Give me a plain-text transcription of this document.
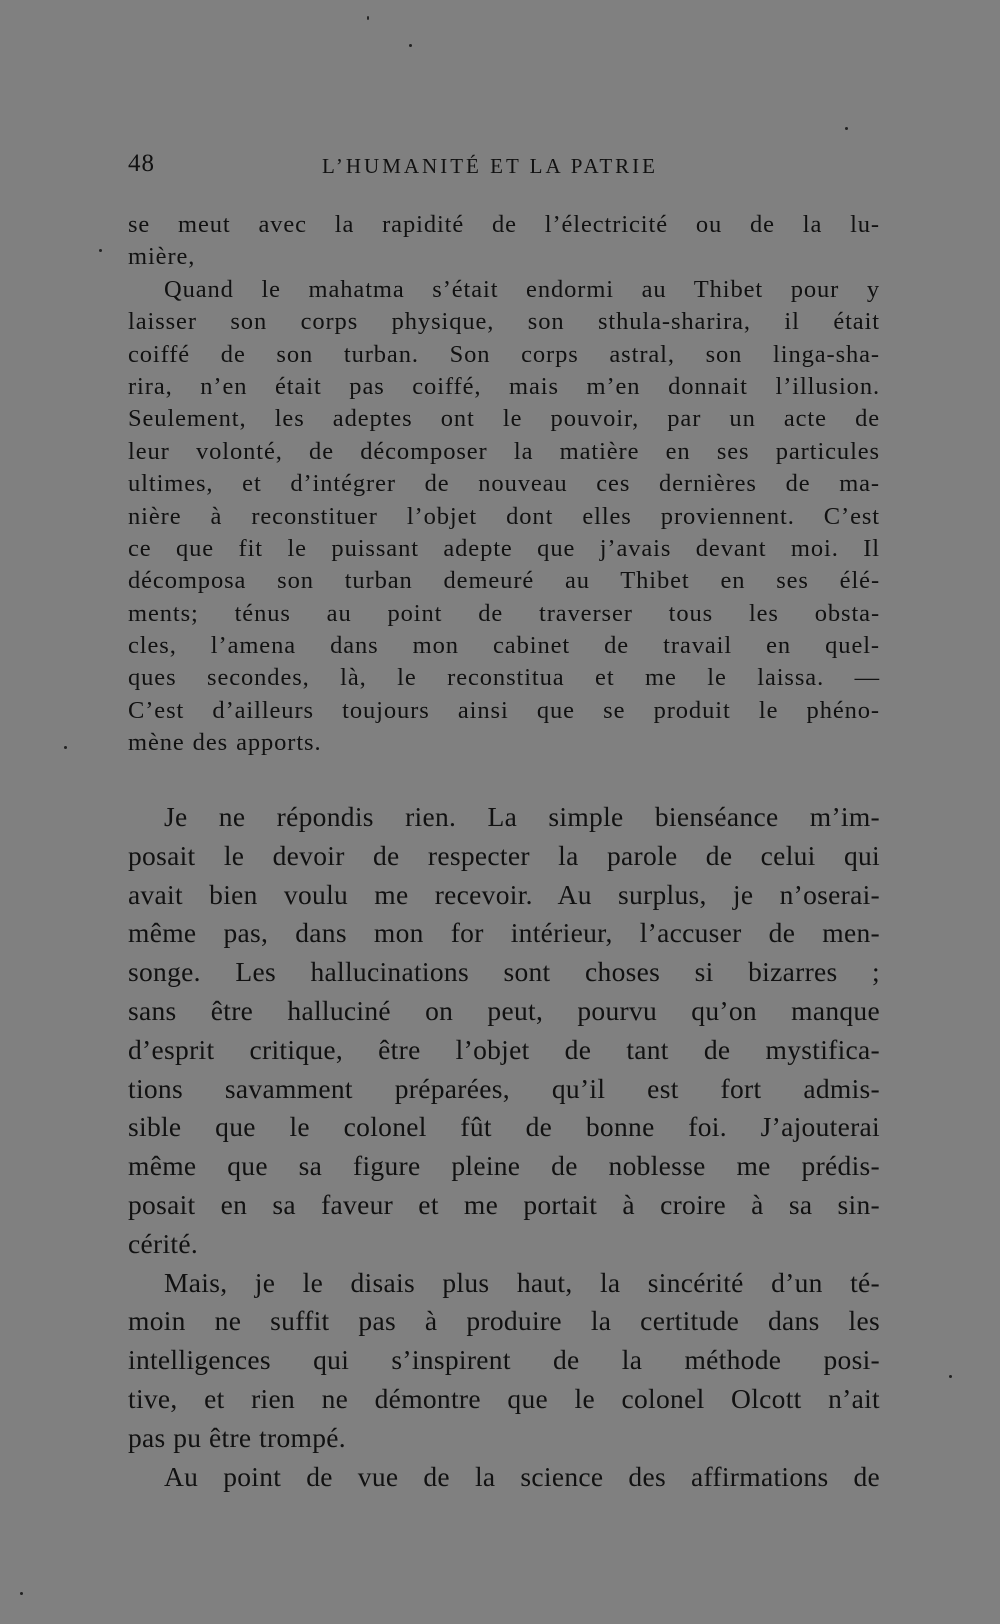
48	L’HUMANITÉ ET LA PATRIE
se meut avec la rapidité de l’électricité ou de la lu-
mière,
Quand le mahatma s’était endormi au Thibet pour y
laisser son corps physique, son sthula-sharira, il était
coiffé de son turban. Son corps astral, son linga-sha-
rira, n’en était pas coiffé, mais m’en donnait l’illusion.
Seulement, les adeptes ont le pouvoir, par un acte de
leur volonté, de décomposer la matière en ses particules
ultimes, et d’intégrer de nouveau ces dernières de ma-
nière à reconstituer l’objet dont elles proviennent. C’est
ce que fit le puissant adepte que j’avais devant moi. Il
décomposa son turban demeuré au Thibet en ses élé-
ments; ténus au point de traverser tous les obsta-
cles, l’amena dans mon cabinet de travail en quel-
ques secondes, là, le reconstitua et me le laissa. —
C’est d’ailleurs toujours ainsi que se produit le phéno-
mène des apports.
Je ne répondis rien. La simple bienséance m’im-
posait le devoir de respecter la parole de celui qui
avait bien voulu me recevoir. Au surplus, je n’oserai-
même pas, dans mon for intérieur, l’accuser de men-
songe. Les hallucinations sont choses si bizarres ;
sans être halluciné on peut, pourvu qu’on manque
d’esprit critique, être l’objet de tant de mystifica-
tions savamment préparées, qu’il est fort admis-
sible que le colonel fût de bonne foi. J’ajouterai
même que sa figure pleine de noblesse me prédis-
posait en sa faveur et me portait à croire à sa sin-
cérité.
Mais, je le disais plus haut, la sincérité d’un té-
moin ne suffit pas à produire la certitude dans les
intelligences qui s’inspirent de la méthode posi-
tive, et rien ne démontre que le colonel Olcott n’ait
pas pu être trompé.
Au point de vue de la science des affirmations de
